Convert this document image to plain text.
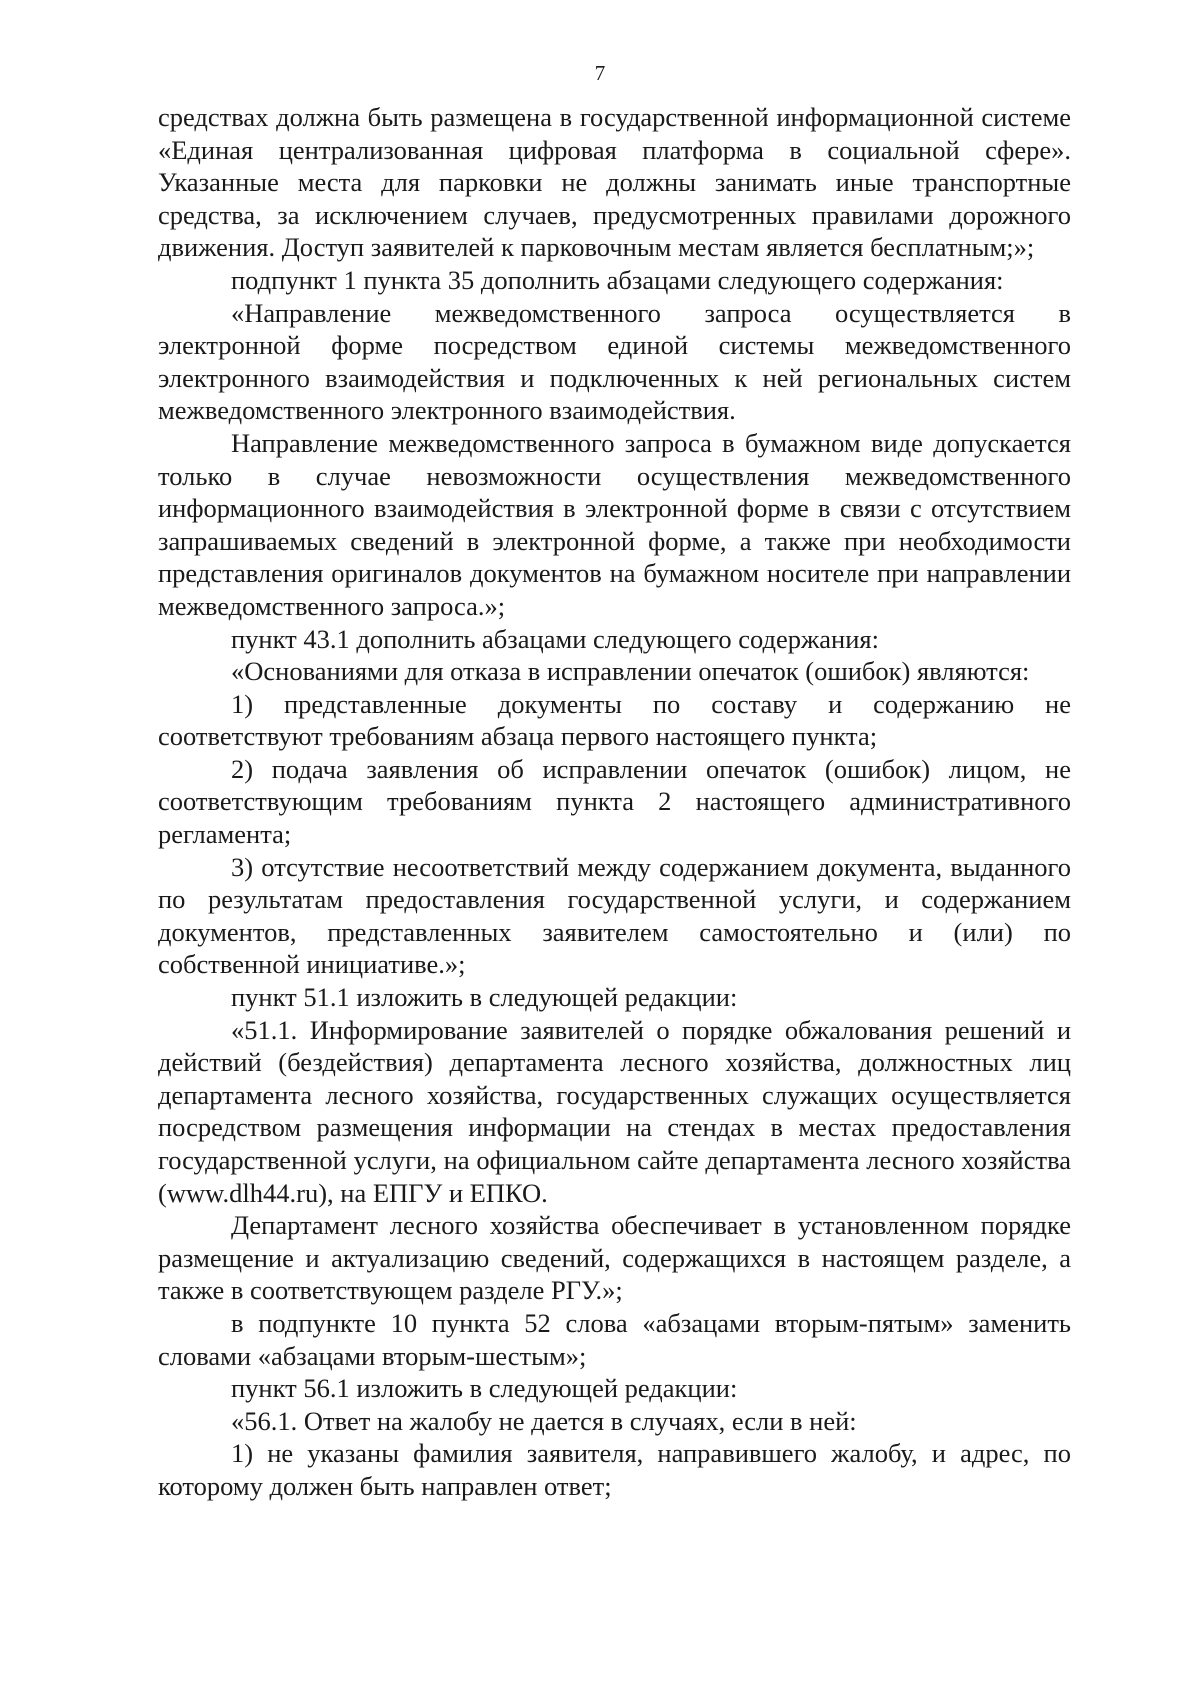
7

средствах должна быть размещена в государственной информационной системе «Единая централизованная цифровая платформа в социальной сфере». Указанные места для парковки не должны занимать иные транспортные средства, за исключением случаев, предусмотренных правилами дорожного движения. Доступ заявителей к парковочным местам является бесплатным;»;

подпункт 1 пункта 35 дополнить абзацами следующего содержания:

«Направление межведомственного запроса осуществляется в электронной форме посредством единой системы межведомственного электронного взаимодействия и подключенных к ней региональных систем межведомственного электронного взаимодействия.

Направление межведомственного запроса в бумажном виде допускается только в случае невозможности осуществления межведомственного информационного взаимодействия в электронной форме в связи с отсутствием запрашиваемых сведений в электронной форме, а также при необходимости представления оригиналов документов на бумажном носителе при направлении межведомственного запроса.»;

пункт 43.1 дополнить абзацами следующего содержания:

«Основаниями для отказа в исправлении опечаток (ошибок) являются:

1) представленные документы по составу и содержанию не соответствуют требованиям абзаца первого настоящего пункта;

2) подача заявления об исправлении опечаток (ошибок) лицом, не соответствующим требованиям пункта 2 настоящего административного регламента;

3) отсутствие несоответствий между содержанием документа, выданного по результатам предоставления государственной услуги, и содержанием документов, представленных заявителем самостоятельно и (или) по собственной инициативе.»;

пункт 51.1 изложить в следующей редакции:

«51.1. Информирование заявителей о порядке обжалования решений и действий (бездействия) департамента лесного хозяйства, должностных лиц департамента лесного хозяйства, государственных служащих осуществляется посредством размещения информации на стендах в местах предоставления государственной услуги, на официальном сайте департамента лесного хозяйства (www.dlh44.ru), на ЕПГУ и ЕПКО.

Департамент лесного хозяйства обеспечивает в установленном порядке размещение и актуализацию сведений, содержащихся в настоящем разделе, а также в соответствующем разделе РГУ.»;

в подпункте 10 пункта 52 слова «абзацами вторым-пятым» заменить словами «абзацами вторым-шестым»;

пункт 56.1 изложить в следующей редакции:

«56.1. Ответ на жалобу не дается в случаях, если в ней:

1) не указаны фамилия заявителя, направившего жалобу, и адрес, по которому должен быть направлен ответ;
